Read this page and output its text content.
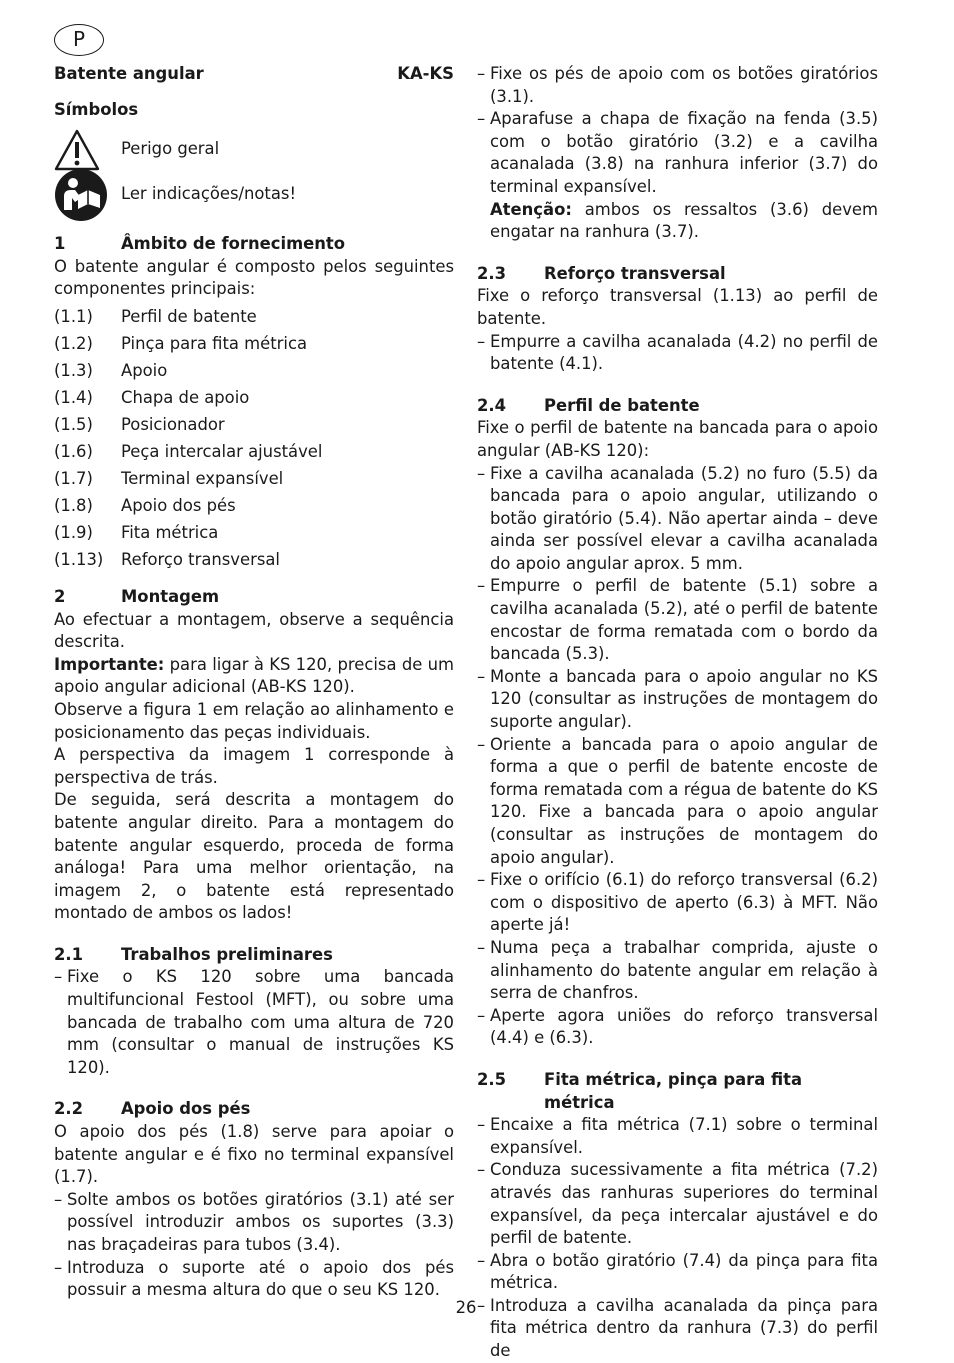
P
Batente angular	KA-KS
Símbolos
Perigo geral
Ler indicações/notas!
1	Âmbito de fornecimento

O batente angular é composto pelos seguintes componentes principais:

(1.1)	Perfil de batente
(1.2)	Pinça para fita métrica
(1.3)	Apoio
(1.4)	Chapa de apoio
(1.5)	Posicionador
(1.6)	Peça intercalar ajustável
(1.7)	Terminal expansível
(1.8)	Apoio dos pés
(1.9)	Fita métrica
(1.13)	Reforço transversal
2	Montagem

Ao efectuar a montagem, observe a sequência descrita.

Importante: para ligar à KS 120, precisa de um apoio angular adicional (AB-KS 120).

Observe a figura 1 em relação ao alinhamento e posicionamento das peças individuais.

A perspectiva da imagem 1 corresponde à perspectiva de trás.

De seguida, será descrita a montagem do batente angular direito. Para a montagem do batente angular esquerdo, proceda de forma análoga! Para uma melhor orientação, na imagem 2, o batente está representado montado de ambos os lados!

2.1	Trabalhos preliminares
– Fixe o KS 120 sobre uma bancada multifuncional Festool (MFT), ou sobre uma bancada de trabalho com uma altura de 720 mm (consultar o manual de instruções KS 120).
2.2	Apoio dos pés

O apoio dos pés (1.8) serve para apoiar o batente angular e é fixo no terminal expansível (1.7).

– Solte ambos os botões giratórios (3.1) até ser possível introduzir ambos os suportes (3.3) nas braçadeiras para tubos (3.4).
– Introduza o suporte até o apoio dos pés possuir a mesma altura do que o seu KS 120.
– Fixe os pés de apoio com os botões giratórios (3.1).
– Aparafuse a chapa de fixação na fenda (3.5) com o botão giratório (3.2) e a cavilha acanalada (3.8) na ranhura inferior (3.7) do terminal expansível.
Atenção: ambos os ressaltos (3.6) devem engatar na ranhura (3.7).
2.3	Reforço transversal

Fixe o reforço transversal (1.13) ao perfil de batente.

– Empurre a cavilha acanalada (4.2) no perfil de batente (4.1).
2.4	Perfil de batente

Fixe o perfil de batente na bancada para o apoio angular (AB-KS 120):

– Fixe a cavilha acanalada (5.2) no furo (5.5) da bancada para o apoio angular, utilizando o botão giratório (5.4). Não apertar ainda – deve ainda ser possível elevar a cavilha acanalada do apoio angular aprox. 5 mm.
– Empurre o perfil de batente (5.1) sobre a cavilha acanalada (5.2), até o perfil de batente encostar de forma rematada com o bordo da bancada (5.3).
– Monte a bancada para o apoio angular no KS 120 (consultar as instruções de montagem do suporte angular).
– Oriente a bancada para o apoio angular de forma a que o perfil de batente encoste de forma rematada com a régua de batente do KS 120. Fixe a bancada para o apoio angular (consultar as instruções de montagem do apoio angular).
– Fixe o orifício (6.1) do reforço transversal (6.2) com o dispositivo de aperto (6.3) à MFT. Não aperte já!
– Numa peça a trabalhar comprida, ajuste o alinhamento do batente angular em relação à serra de chanfros.
– Aperte agora uniões do reforço transversal (4.4) e (6.3).
2.5	Fita métrica, pinça para fita métrica
– Encaixe a fita métrica (7.1) sobre o terminal expansível.
– Conduza sucessivamente a fita métrica (7.2) através das ranhuras superiores do terminal expansível, da peça intercalar ajustável e do perfil de batente.
– Abra o botão giratório (7.4) da pinça para fita métrica.
– Introduza a cavilha acanalada da pinça para fita métrica dentro da ranhura (7.3) do perfil de
26
